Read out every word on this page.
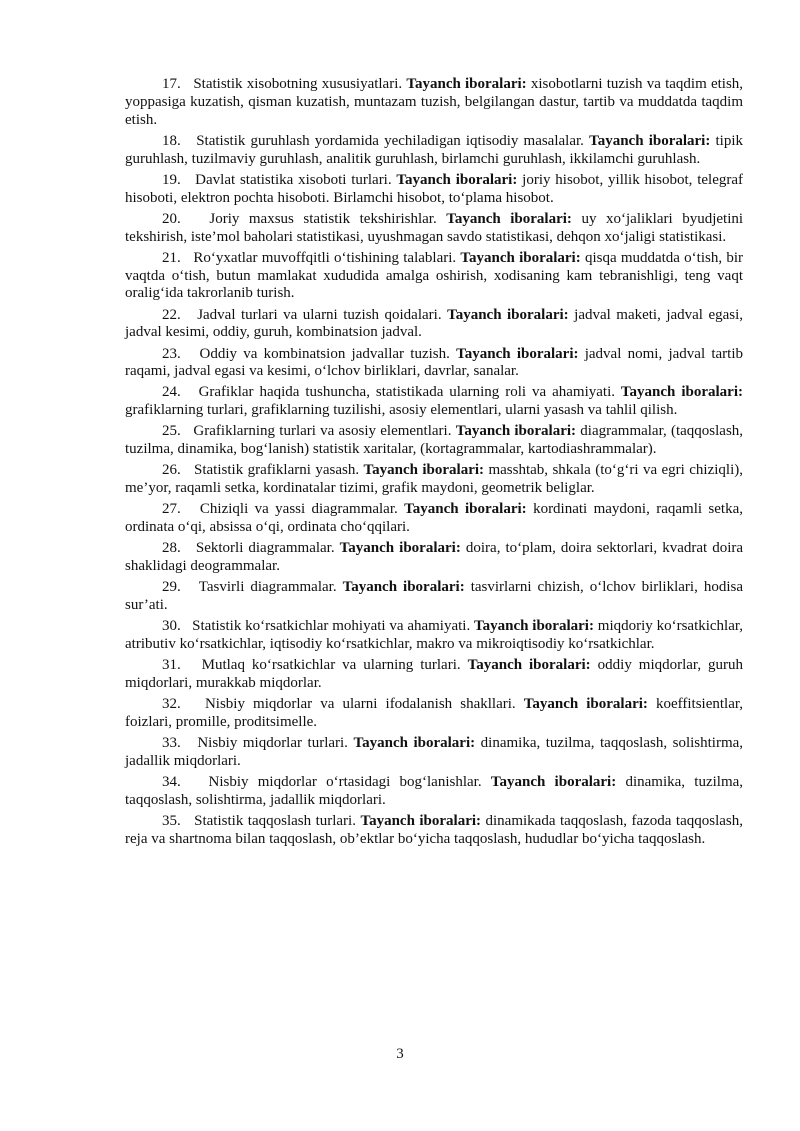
17. Statistik xisobotning xususiyatlari. Tayanch iboralari: xisobotlarni tuzish va taqdim etish, yoppasiga kuzatish, qisman kuzatish, muntazam tuzish, belgilangan dastur, tartib va muddatda taqdim etish.

18. Statistik guruhlash yordamida yechiladigan iqtisodiy masalalar. Tayanch iboralari: tipik guruhlash, tuzilmaviy guruhlash, analitik guruhlash, birlamchi guruhlash, ikkilamchi guruhlash.

19. Davlat statistika xisoboti turlari. Tayanch iboralari: joriy hisobot, yillik hisobot, telegraf hisoboti, elektron pochta hisoboti. Birlamchi hisobot, to‘plama hisobot.

20. Joriy maxsus statistik tekshirishlar. Tayanch iboralari: uy xo‘jaliklari byudjetini tekshirish, iste’mol baholari statistikasi, uyushmagan savdo statistikasi, dehqon xo‘jaligi statistikasi.

21. Ro‘yxatlar muvoffqitli o‘tishining talablari. Tayanch iboralari: qisqa muddatda o‘tish, bir vaqtda o‘tish, butun mamlakat xududida amalga oshirish, xodisaning kam tebranishligi, teng vaqt oralig‘ida takrorlanib turish.

22. Jadval turlari va ularni tuzish qoidalari. Tayanch iboralari: jadval maketi, jadval egasi, jadval kesimi, oddiy, guruh, kombinatsion jadval.

23. Oddiy va kombinatsion jadvallar tuzish. Tayanch iboralari: jadval nomi, jadval tartib raqami, jadval egasi va kesimi, o‘lchov birliklari, davrlar, sanalar.

24. Grafiklar haqida tushuncha, statistikada ularning roli va ahamiyati. Tayanch iboralari: grafiklarning turlari, grafiklarning tuzilishi, asosiy elementlari, ularni yasash va tahlil qilish.

25. Grafiklarning turlari va asosiy elementlari. Tayanch iboralari: diagrammalar, (taqqoslash, tuzilma, dinamika, bog‘lanish) statistik xaritalar, (kortagrammalar, kartodiashrammalar).

26. Statistik grafiklarni yasash. Tayanch iboralari: masshtab, shkala (to‘g‘ri va egri chiziqli), me’yor, raqamli setka, kordinatalar tizimi, grafik maydoni, geometrik beliglar.

27. Chiziqli va yassi diagrammalar. Tayanch iboralari: kordinati maydoni, raqamli setka, ordinata o‘qi, absissa o‘qi, ordinata cho‘qqilari.

28. Sektorli diagrammalar. Tayanch iboralari: doira, to‘plam, doira sektorlari, kvadrat doira shaklidagi deogrammalar.

29. Tasvirli diagrammalar. Tayanch iboralari: tasvirlarni chizish, o‘lchov birliklari, hodisa sur’ati.

30. Statistik ko‘rsatkichlar mohiyati va ahamiyati. Tayanch iboralari: miqdoriy ko‘rsatkichlar, atributiv ko‘rsatkichlar, iqtisodiy ko‘rsatkichlar, makro va mikroiqtisodiy ko‘rsatkichlar.

31. Mutlaq ko‘rsatkichlar va ularning turlari. Tayanch iboralari: oddiy miqdorlar, guruh miqdorlari, murakkab miqdorlar.

32. Nisbiy miqdorlar va ularni ifodalanish shakllari. Tayanch iboralari: koeffitsientlar, foizlari, promille, proditsimelle.

33. Nisbiy miqdorlar turlari. Tayanch iboralari: dinamika, tuzilma, taqqoslash, solishtirma, jadallik miqdorlari.

34. Nisbiy miqdorlar o‘rtasidagi bog‘lanishlar. Tayanch iboralari: dinamika, tuzilma, taqqoslash, solishtirma, jadallik miqdorlari.

35. Statistik taqqoslash turlari. Tayanch iboralari: dinamikada taqqoslash, fazoda taqqoslash, reja va shartnoma bilan taqqoslash, ob’ektlar bo‘yicha taqqoslash, hududlar bo‘yicha taqqoslash.

3
